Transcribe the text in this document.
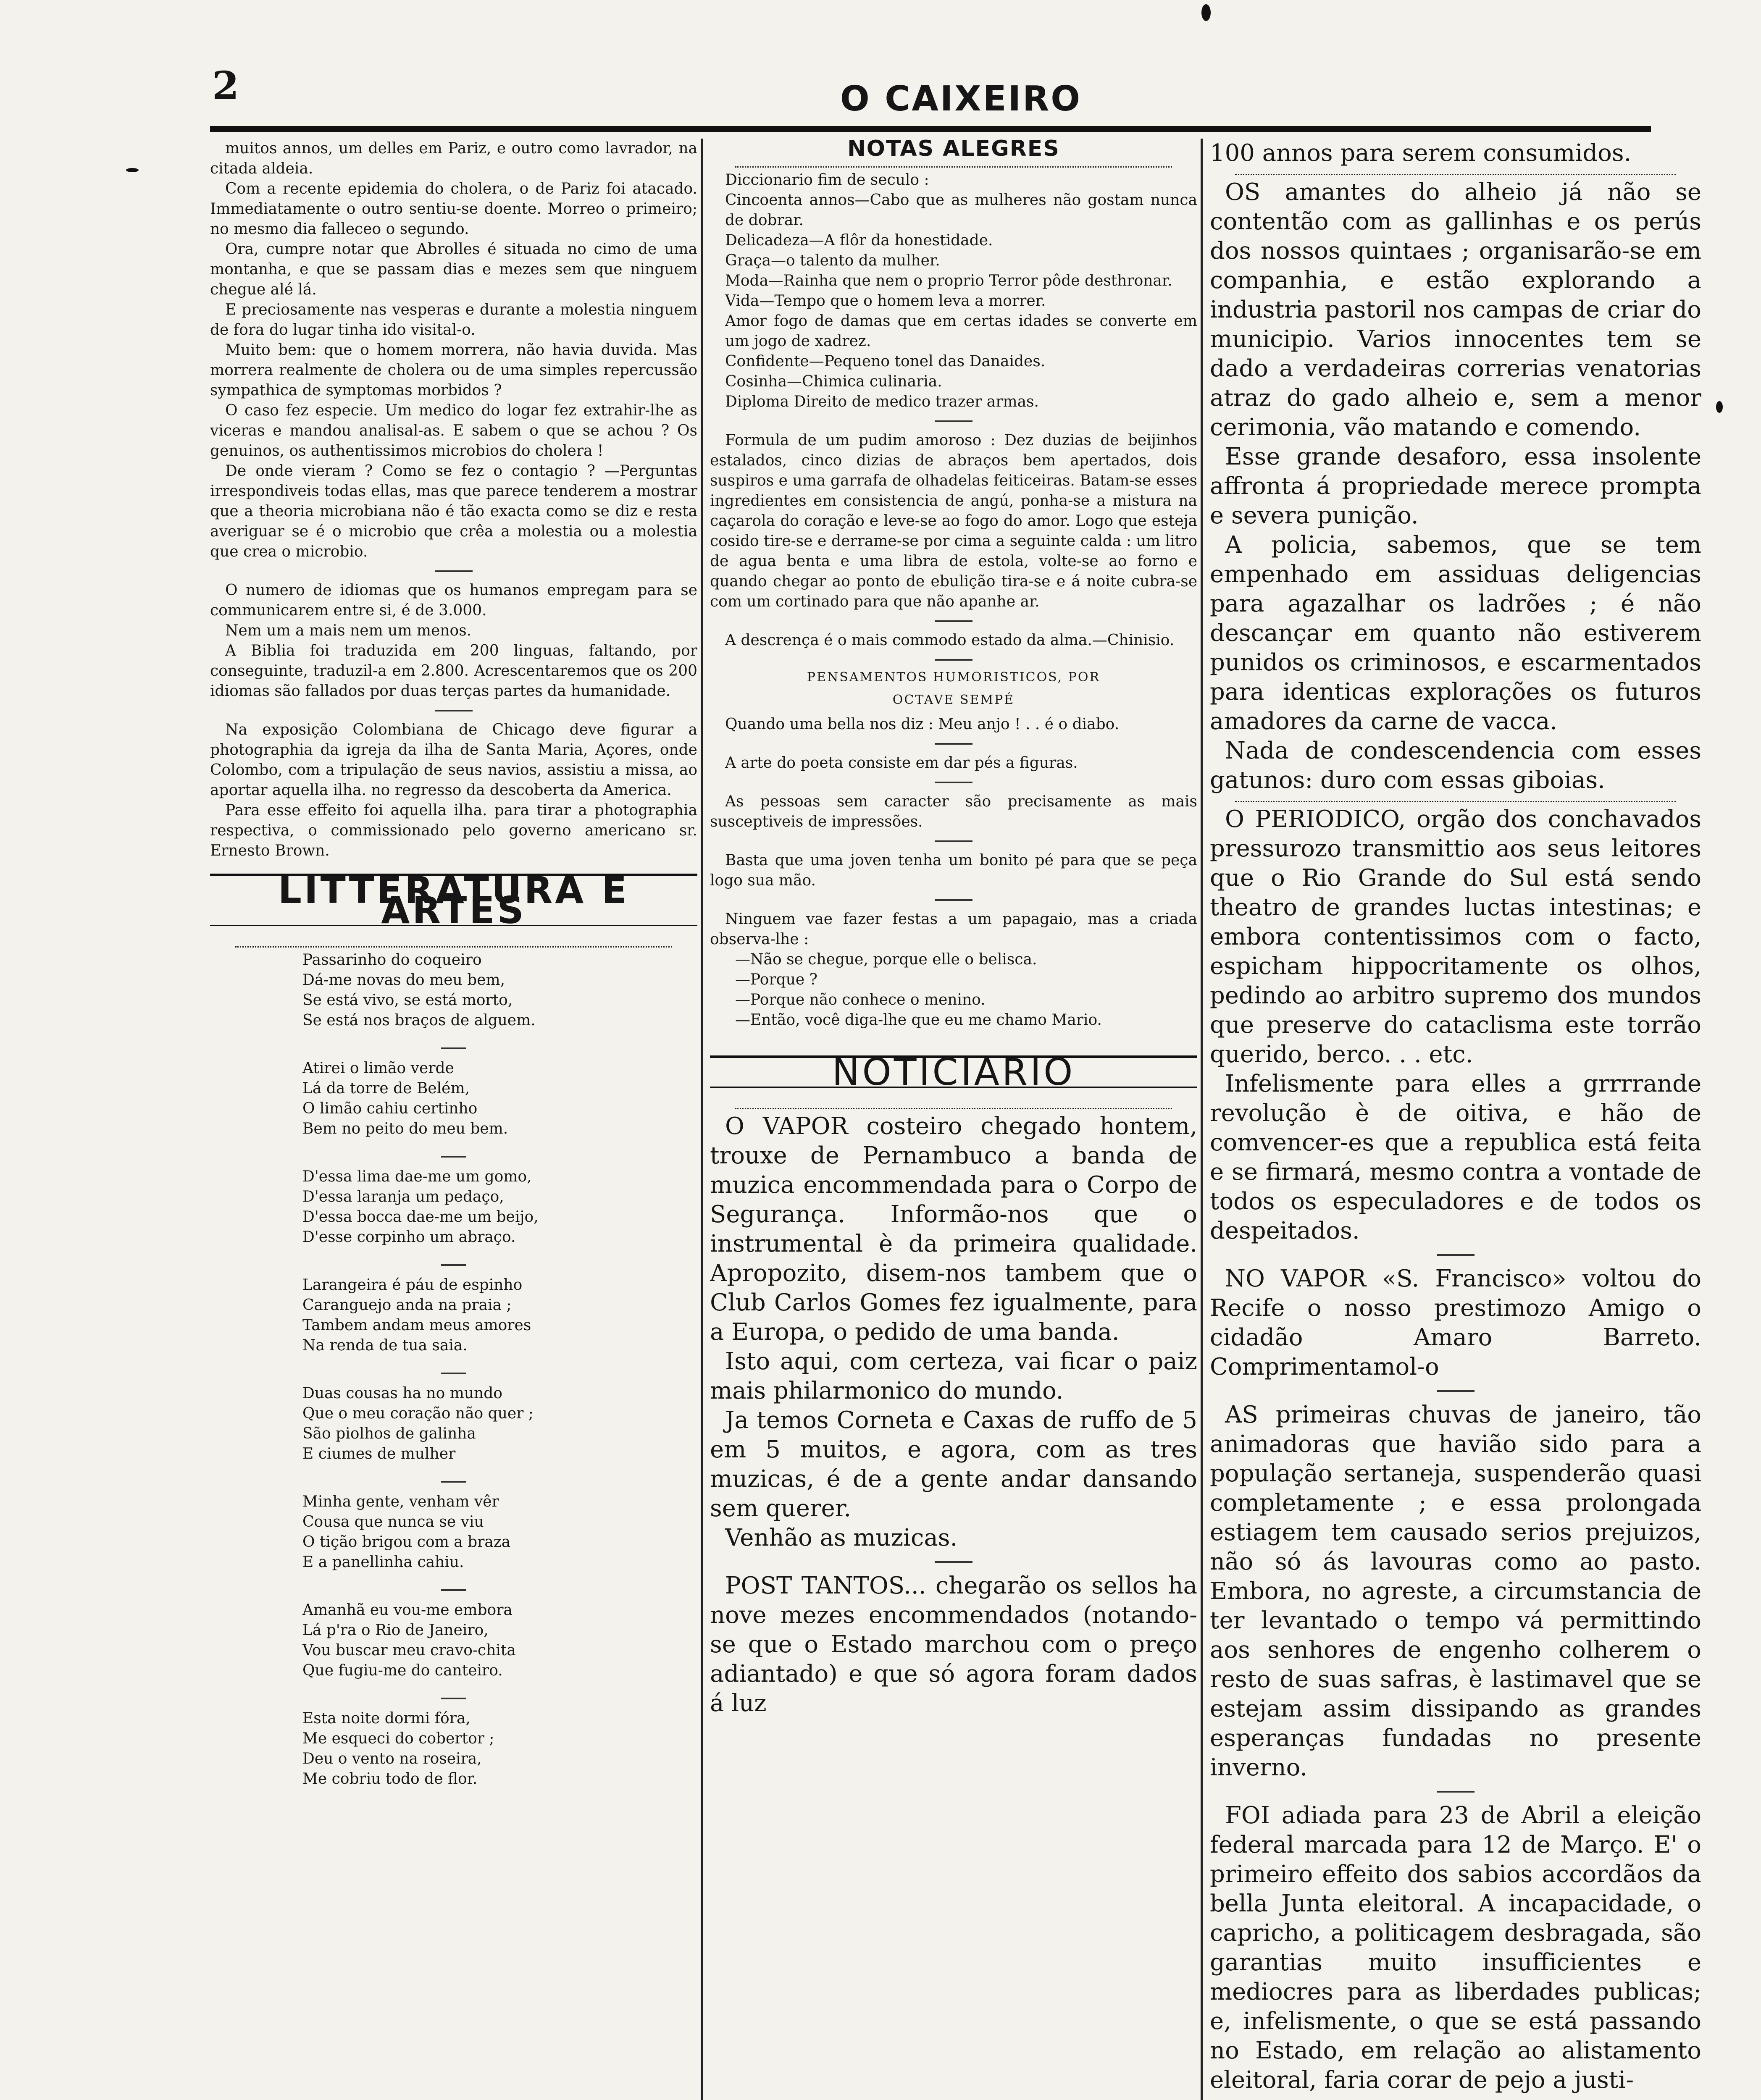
2	O CAIXEIRO

muitos annos, um delles em Pariz, e outro como lavrador, na citada aldeia.

Com a recente epidemia do cholera, o de Pariz foi atacado. Immediatamente o outro sentiu-se doente. Morreo o primeiro; no mesmo dia falleceo o segundo.

Ora, cumpre notar que Abrolles é situada no cimo de uma montanha, e que se passam dias e mezes sem que ninguem chegue alé lá.

E preciosamente nas vesperas e durante a molestia ninguem de fora do lugar tinha ido visital-o.

Muito bem: que o homem morrera, não havia duvida. Mas morrera realmente de cholera ou de uma simples repercussão sympathica de symptomas morbidos ?

O caso fez especie. Um medico do logar fez extrahir-lhe as viceras e mandou analisal-as. E sabem o que se achou ? Os genuinos, os authentissimos microbios do cholera !

De onde vieram ? Como se fez o contagio ? —Perguntas irrespondiveis todas ellas, mas que parece tenderem a mostrar que a theoria microbiana não é tão exacta como se diz e resta averiguar se é o microbio que crêa a molestia ou a molestia que crea o microbio.

O numero de idiomas que os humanos empregam para se communicarem entre si, é de 3.000.

Nem um a mais nem um menos.

A Biblia foi traduzida em 200 linguas, faltando, por conseguinte, traduzil-a em 2.800. Acrescentaremos que os 200 idiomas são fallados por duas terças partes da humanidade.

Na exposição Colombiana de Chicago deve figurar a photographia da igreja da ilha de Santa Maria, Açores, onde Colombo, com a tripulação de seus navios, assistiu a missa, ao aportar aquella ilha. no regresso da descoberta da America.

Para esse effeito foi aquella ilha. para tirar a photographia respectiva, o commissionado pelo governo americano sr. Ernesto Brown.

LITTERATURA E ARTES
Passarinho do coqueiro
Dá-me novas do meu bem,
Se está vivo, se está morto,
Se está nos braços de alguem.
Atirei o limão verde
Lá da torre de Belém,
O limão cahiu certinho
Bem no peito do meu bem.
D'essa lima dae-me um gomo,
D'essa laranja um pedaço,
D'essa bocca dae-me um beijo,
D'esse corpinho um abraço.
Larangeira é páu de espinho
Caranguejo anda na praia ;
Tambem andam meus amores
Na renda de tua saia.
Duas cousas ha no mundo
Que o meu coração não quer ;
São piolhos de galinha
E ciumes de mulher
Minha gente, venham vêr
Cousa que nunca se viu
O tição brigou com a braza
E a panellinha cahiu.
Amanhã eu vou-me embora
Lá p'ra o Rio de Janeiro,
Vou buscar meu cravo-chita
Que fugiu-me do canteiro.
Esta noite dormi fóra,
Me esqueci do cobertor ;
Deu o vento na roseira,
Me cobriu todo de flor.
NOTAS ALEGRES

Diccionario fim de seculo :

Cincoenta annos—Cabo que as mulheres não gostam nunca de dobrar.
Delicadeza—A flôr da honestidade.
Graça—o talento da mulher.
Moda—Rainha que nem o proprio Terror pôde desthronar.
Vida—Tempo que o homem leva a morrer.
Amor fogo de damas que em certas idades se converte em um jogo de xadrez.
Confidente—Pequeno tonel das Danaides.
Cosinha—Chimica culinaria.
Diploma Direito de medico trazer armas.

Formula de um pudim amoroso : Dez duzias de beijinhos estalados, cinco dizias de abraços bem apertados, dois suspiros e uma garrafa de olhadelas feiticeiras. Batam-se esses ingredientes em consistencia de angú, ponha-se a mistura na caçarola do coração e leve-se ao fogo do amor. Logo que esteja cosido tire-se e derrame-se por cima a seguinte calda : um litro de agua benta e uma libra de estola, volte-se ao forno e quando chegar ao ponto de ebulição tira-se e á noite cubra-se com um cortinado para que não apanhe ar.

A descrença é o mais commodo estado da alma.—Chinisio.

PENSAMENTOS HUMORISTICOS, POR
OCTAVE SEMPÉ

Quando uma bella nos diz : Meu anjo ! . . é o diabo.

A arte do poeta consiste em dar pés a figuras.

As pessoas sem caracter são precisamente as mais susceptiveis de impressões.

Basta que uma joven tenha um bonito pé para que se peça logo sua mão.

Ninguem vae fazer festas a um papagaio, mas a criada observa-lhe :

—Não se chegue, porque elle o belisca.
—Porque ?
—Porque não conhece o menino.
—Então, você diga-lhe que eu me chamo Mario.
NOTICIARIO

O VAPOR costeiro chegado hontem, trouxe de Pernambuco a banda de muzica encommendada para o Corpo de Segurança. Informão-nos que o instrumental è da primeira qualidade. Apropozito, disem-nos tambem que o Club Carlos Gomes fez igualmente, para a Europa, o pedido de uma banda.

Isto aqui, com certeza, vai ficar o paiz mais philarmonico do mundo.

Ja temos Corneta e Caxas de ruffo de 5 em 5 muitos, e agora, com as tres muzicas, é de a gente andar dansando sem querer.

Venhão as muzicas.

POST TANTOS... chegarão os sellos ha nove mezes encommendados (notando-se que o Estado marchou com o preço adiantado) e que só agora foram dados á luz

100 annos para serem consumidos.

OS amantes do alheio já não se contentão com as gallinhas e os perús dos nossos quintaes ; organisarão-se em companhia, e estão explorando a industria pastoril nos campas de criar do municipio. Varios innocentes tem se dado a verdadeiras correrias venatorias atraz do gado alheio e, sem a menor cerimonia, vão matando e comendo.

Esse grande desaforo, essa insolente affronta á propriedade merece prompta e severa punição.

A policia, sabemos, que se tem empenhado em assiduas deligencias para agazalhar os ladrões ; é não descançar em quanto não estiverem punidos os criminosos, e escarmentados para identicas explorações os futuros amadores da carne de vacca.

Nada de condescendencia com esses gatunos: duro com essas giboias.

O PERIODICO, orgão dos conchavados pressurozo transmittio aos seus leitores que o Rio Grande do Sul está sendo theatro de grandes luctas intestinas; e embora contentissimos com o facto, espicham hippocritamente os olhos, pedindo ao arbitro supremo dos mundos que preserve do cataclisma este torrão querido, berco. . . etc.

Infelismente para elles a grrrrande revolução è de oitiva, e hão de comvencer-es que a republica está feita e se firmará, mesmo contra a vontade de todos os especuladores e de todos os despeitados.

NO VAPOR «S. Francisco» voltou do Recife o nosso prestimozo Amigo o cidadão Amaro Barreto. Comprimentamol-o

AS primeiras chuvas de janeiro, tão animadoras que havião sido para a população sertaneja, suspenderão quasi completamente ; e essa prolongada estiagem tem causado serios prejuizos, não só ás lavouras como ao pasto. Embora, no agreste, a circumstancia de ter levantado o tempo vá permittindo aos senhores de engenho colherem o resto de suas safras, è lastimavel que se estejam assim dissipando as grandes esperanças fundadas no presente inverno.

FOI adiada para 23 de Abril a eleição federal marcada para 12 de Março. E' o primeiro effeito dos sabios accordãos da bella Junta eleitoral. A incapacidade, o capricho, a politicagem desbragada, são garantias muito insufficientes e mediocres para as liberdades publicas; e, infelismente, o que se está passando no Estado, em relação ao alistamento eleitoral, faria corar de pejo a justi-
